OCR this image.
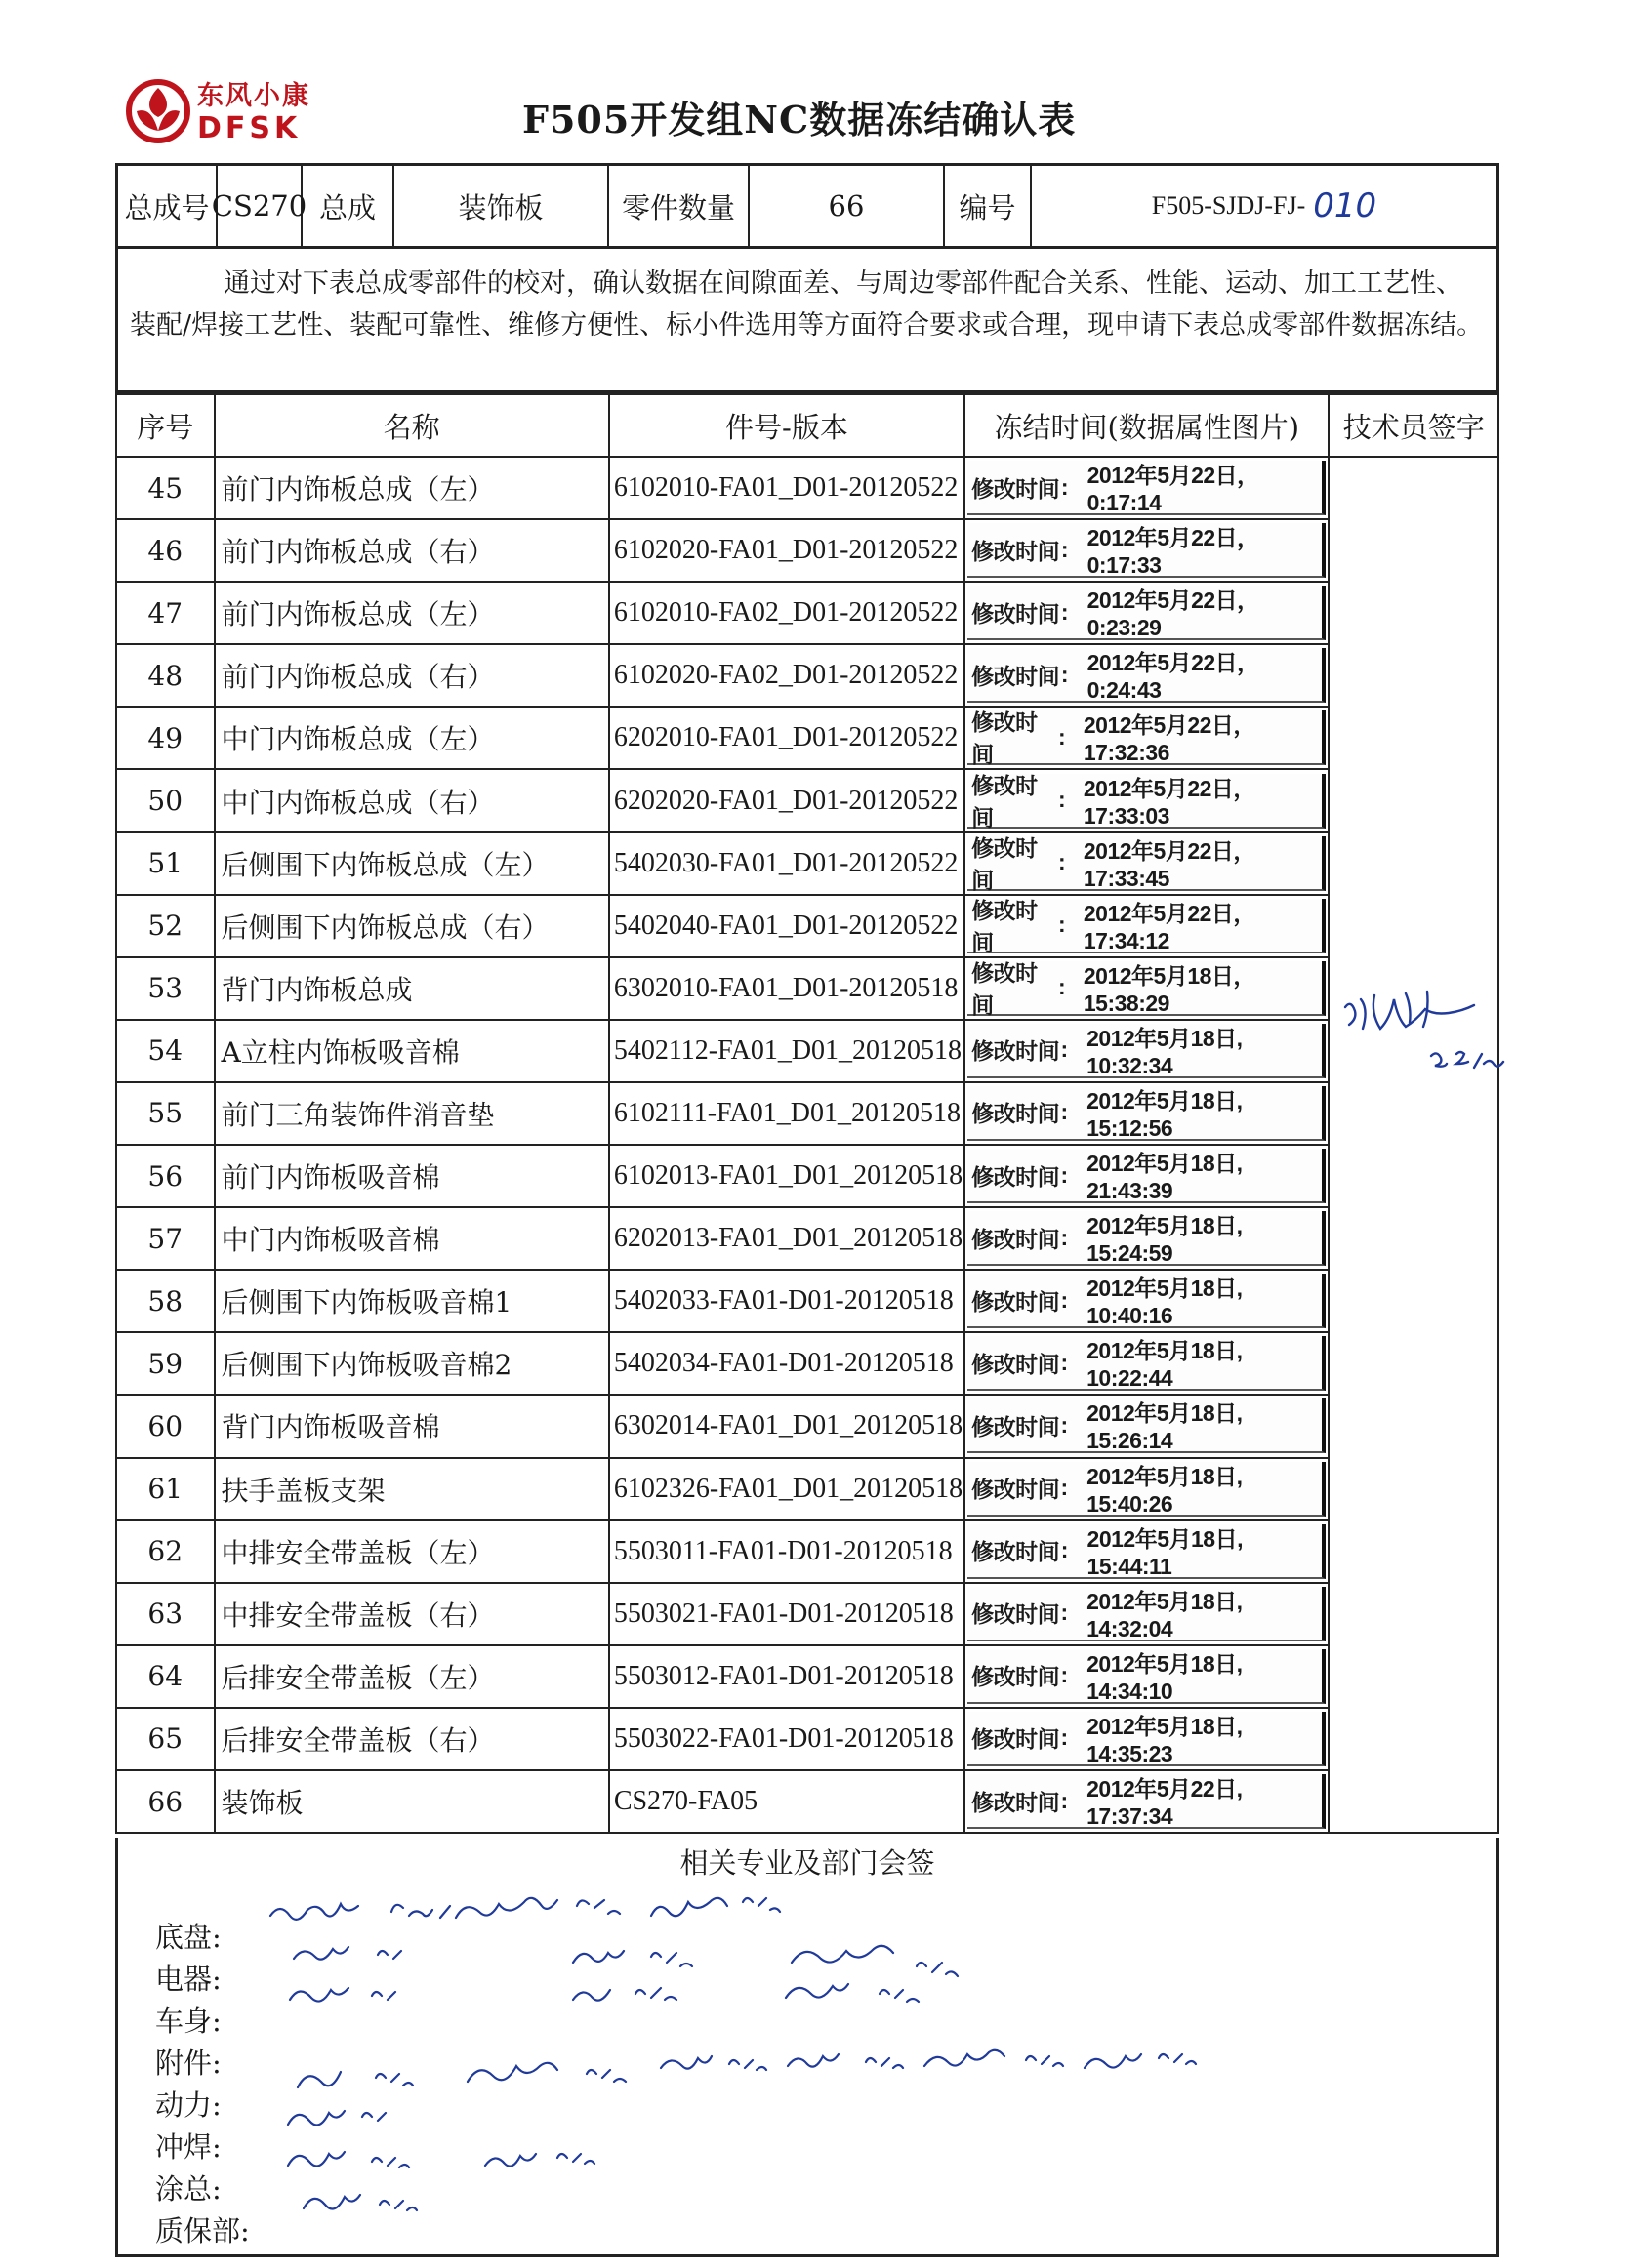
东风小康
DFSK	F505开发组NC数据冻结确认表
总成号 CS270 总成	装饰板	零件数量	66	编号	F505-SJDJ-FJ- 010
通过对下表总成零部件的校对，确认数据在间隙面差、与周边零部件配合关系、性能、运动、加工工艺性、装配/焊接工艺性、装配可靠性、维修方便性、标小件选用等方面符合要求或合理，现申请下表总成零部件数据冻结。
序号	名称	件号-版本	冻结时间(数据属性图片)	技术员签字
45	前门内饰板总成（左）	6102010-FA01_D01-20120522	修改时间 : 2012年5月22日，0:17:14	

46	前门内饰板总成（右）	6102020-FA01_D01-20120522	修改时间 : 2012年5月22日，0:17:33	

47	前门内饰板总成（左）	6102010-FA02_D01-20120522	修改时间 : 2012年5月22日，0:23:29	

48	前门内饰板总成（右）	6102020-FA02_D01-20120522	修改时间 : 2012年5月22日，0:24:43	

49	中门内饰板总成（左）	6202010-FA01_D01-20120522	修改时间
: 2012年5月22日，17:32:36	

50	中门内饰板总成（右）	6202020-FA01_D01-20120522	修改时间
: 2012年5月22日，17:33:03	

51	后侧围下内饰板总成（左）	5402030-FA01_D01-20120522	修改时间
: 2012年5月22日，17:33:45	

52	后侧围下内饰板总成（右）	5402040-FA01_D01-20120522	修改时间
: 2012年5月22日，17:34:12	

53	背门内饰板总成	6302010-FA01_D01-20120518	修改时间
: 2012年5月18日，15:38:29	

54	A立柱内饰板吸音棉	5402112-FA01_D01_20120518	修改时间 : 2012年5月18日, 10:32:34	

55	前门三角装饰件消音垫	6102111-FA01_D01_20120518	修改时间 : 2012年5月18日, 15:12:56	

56	前门内饰板吸音棉	6102013-FA01_D01_20120518	修改时间 : 2012年5月18日, 21:43:39	

57	中门内饰板吸音棉	6202013-FA01_D01_20120518	修改时间 : 2012年5月18日, 15:24:59	

58	后侧围下内饰板吸音棉1	5402033-FA01-D01-20120518	修改时间 : 2012年5月18日, 10:40:16	

59	后侧围下内饰板吸音棉2	5402034-FA01-D01-20120518	修改时间 : 2012年5月18日, 10:22:44	

60	背门内饰板吸音棉	6302014-FA01_D01_20120518	修改时间 : 2012年5月18日, 15:26:14	

61	扶手盖板支架	6102326-FA01_D01_20120518	修改时间 : 2012年5月18日, 15:40:26	

62	中排安全带盖板（左）	5503011-FA01-D01-20120518	修改时间 : 2012年5月18日, 15:44:11	

63	中排安全带盖板（右）	5503021-FA01-D01-20120518	修改时间 : 2012年5月18日, 14:32:04	

64	后排安全带盖板（左）	5503012-FA01-D01-20120518	修改时间 : 2012年5月18日, 14:34:10	

65	后排安全带盖板（右）	5503022-FA01-D01-20120518	修改时间 : 2012年5月18日, 14:35:23	

66	装饰板	CS270-FA05	修改时间 : 2012年5月22日, 17:37:34	
相关专业及部门会签
底盘:
电器:
车身:
附件:
动力:
冲焊:
涂总:
质保部:
